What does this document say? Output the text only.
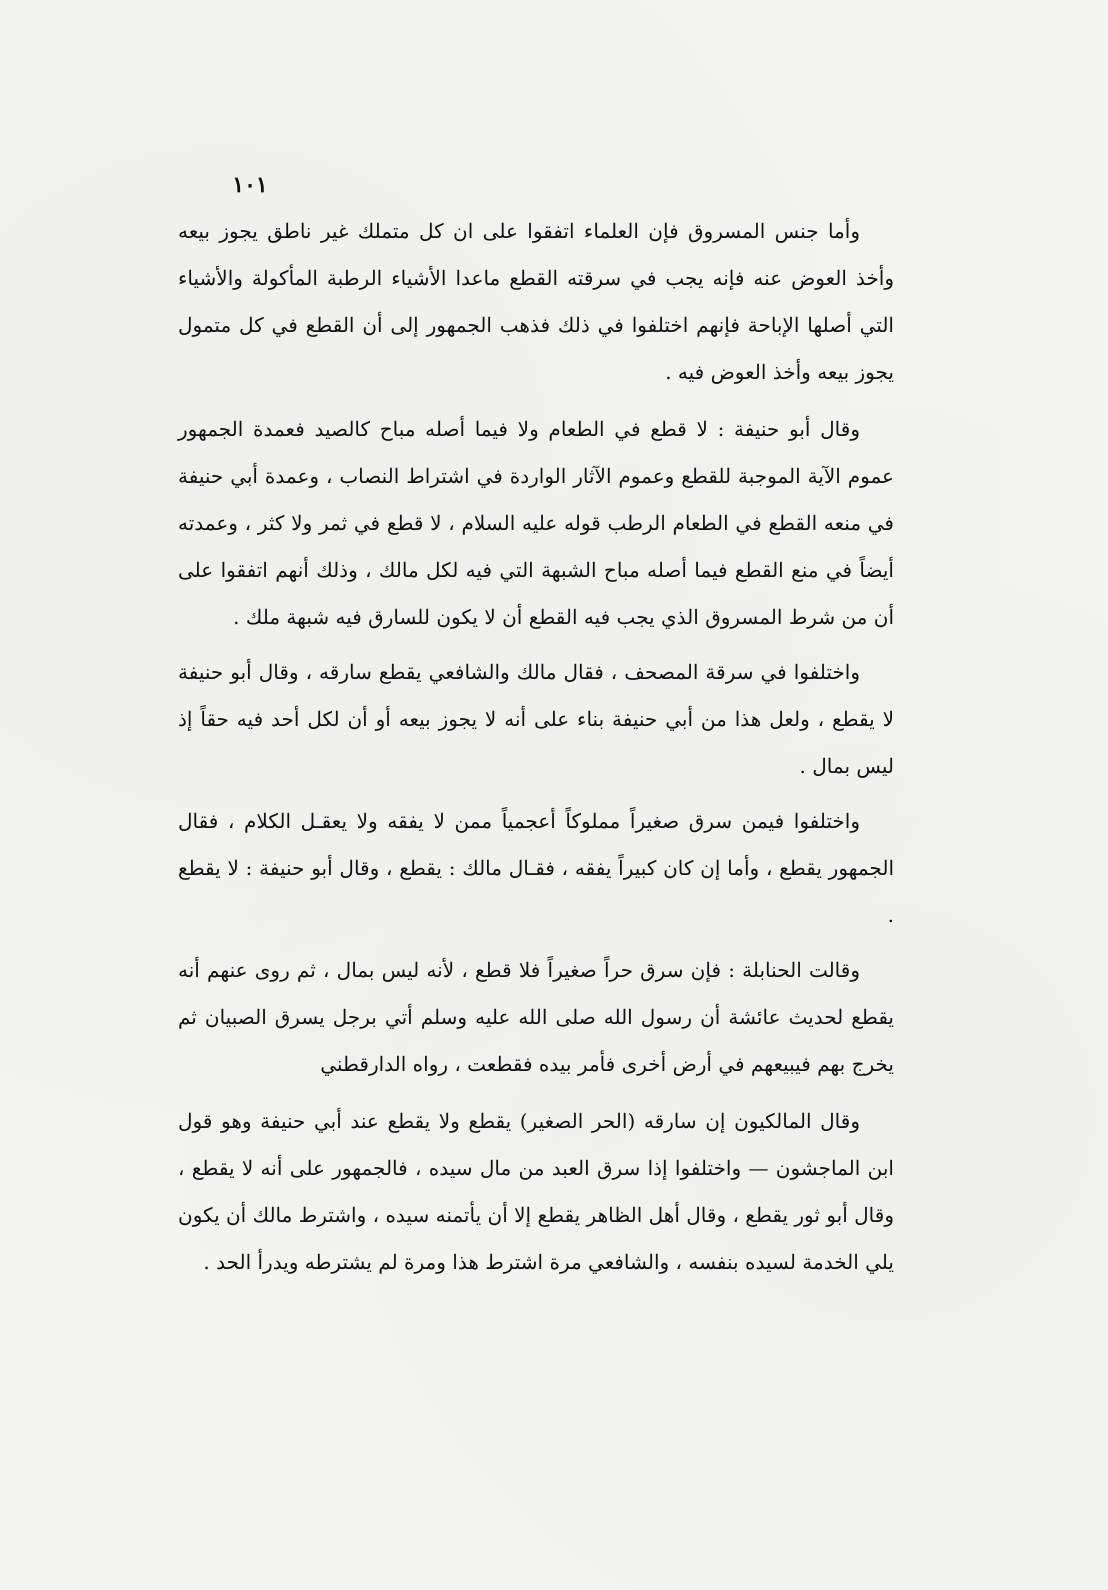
١٠١

وأما جنس المسروق فإن العلماء اتفقوا على ان كل متملك غير ناطق يجوز بيعه وأخذ العوض عنه فإنه يجب في سرقته القطع ماعدا الأشياء الرطبة المأكولة والأشياء التي أصلها الإباحة فإنهم اختلفوا في ذلك فذهب الجمهور إلى أن القطع في كل متمول يجوز بيعه وأخذ العوض فيه .

وقال أبو حنيفة : لا قطع في الطعام ولا فيما أصله مباح كالصيد فعمدة الجمهور عموم الآية الموجبة للقطع وعموم الآثار الواردة في اشتراط النصاب ، وعمدة أبي حنيفة في منعه القطع في الطعام الرطب قوله عليه السلام ، لا قطع في ثمر ولا كثر ، وعمدته أيضاً في منع القطع فيما أصله مباح الشبهة التي فيه لكل مالك ، وذلك أنهم اتفقوا على أن من شرط المسروق الذي يجب فيه القطع أن لا يكون للسارق فيه شبهة ملك .

واختلفوا في سرقة المصحف ، فقال مالك والشافعي يقطع سارقه ، وقال أبو حنيفة لا يقطع ، ولعل هذا من أبي حنيفة بناء على أنه لا يجوز بيعه أو أن لكل أحد فيه حقاً إذ ليس بمال .

واختلفوا فيمن سرق صغيراً مملوكاً أعجمياً ممن لا يفقه ولا يعقـل الكلام ، فقال الجمهور يقطع ، وأما إن كان كبيراً يفقه ، فقـال مالك : يقطع ، وقال أبو حنيفة : لا يقطع .

وقالت الحنابلة : فإن سرق حراً صغيراً فلا قطع ، لأنه ليس بمال ، ثم روى عنهم أنه يقطع لحديث عائشة أن رسول الله صلى الله عليه وسلم أتي برجل يسرق الصبيان ثم يخرج بهم فيبيعهم في أرض أخرى فأمر بيده فقطعت ، رواه الدارقطني

وقال المالكيون إن سارقه (الحر الصغير) يقطع ولا يقطع عند أبي حنيفة وهو قول ابن الماجشون — واختلفوا إذا سرق العبد من مال سيده ، فالجمهور على أنه لا يقطع ، وقال أبو ثور يقطع ، وقال أهل الظاهر يقطع إلا أن يأتمنه سيده ، واشترط مالك أن يكون يلي الخدمة لسيده بنفسه ، والشافعي مرة اشترط هذا ومرة لم يشترطه ويدرأ الحد .
